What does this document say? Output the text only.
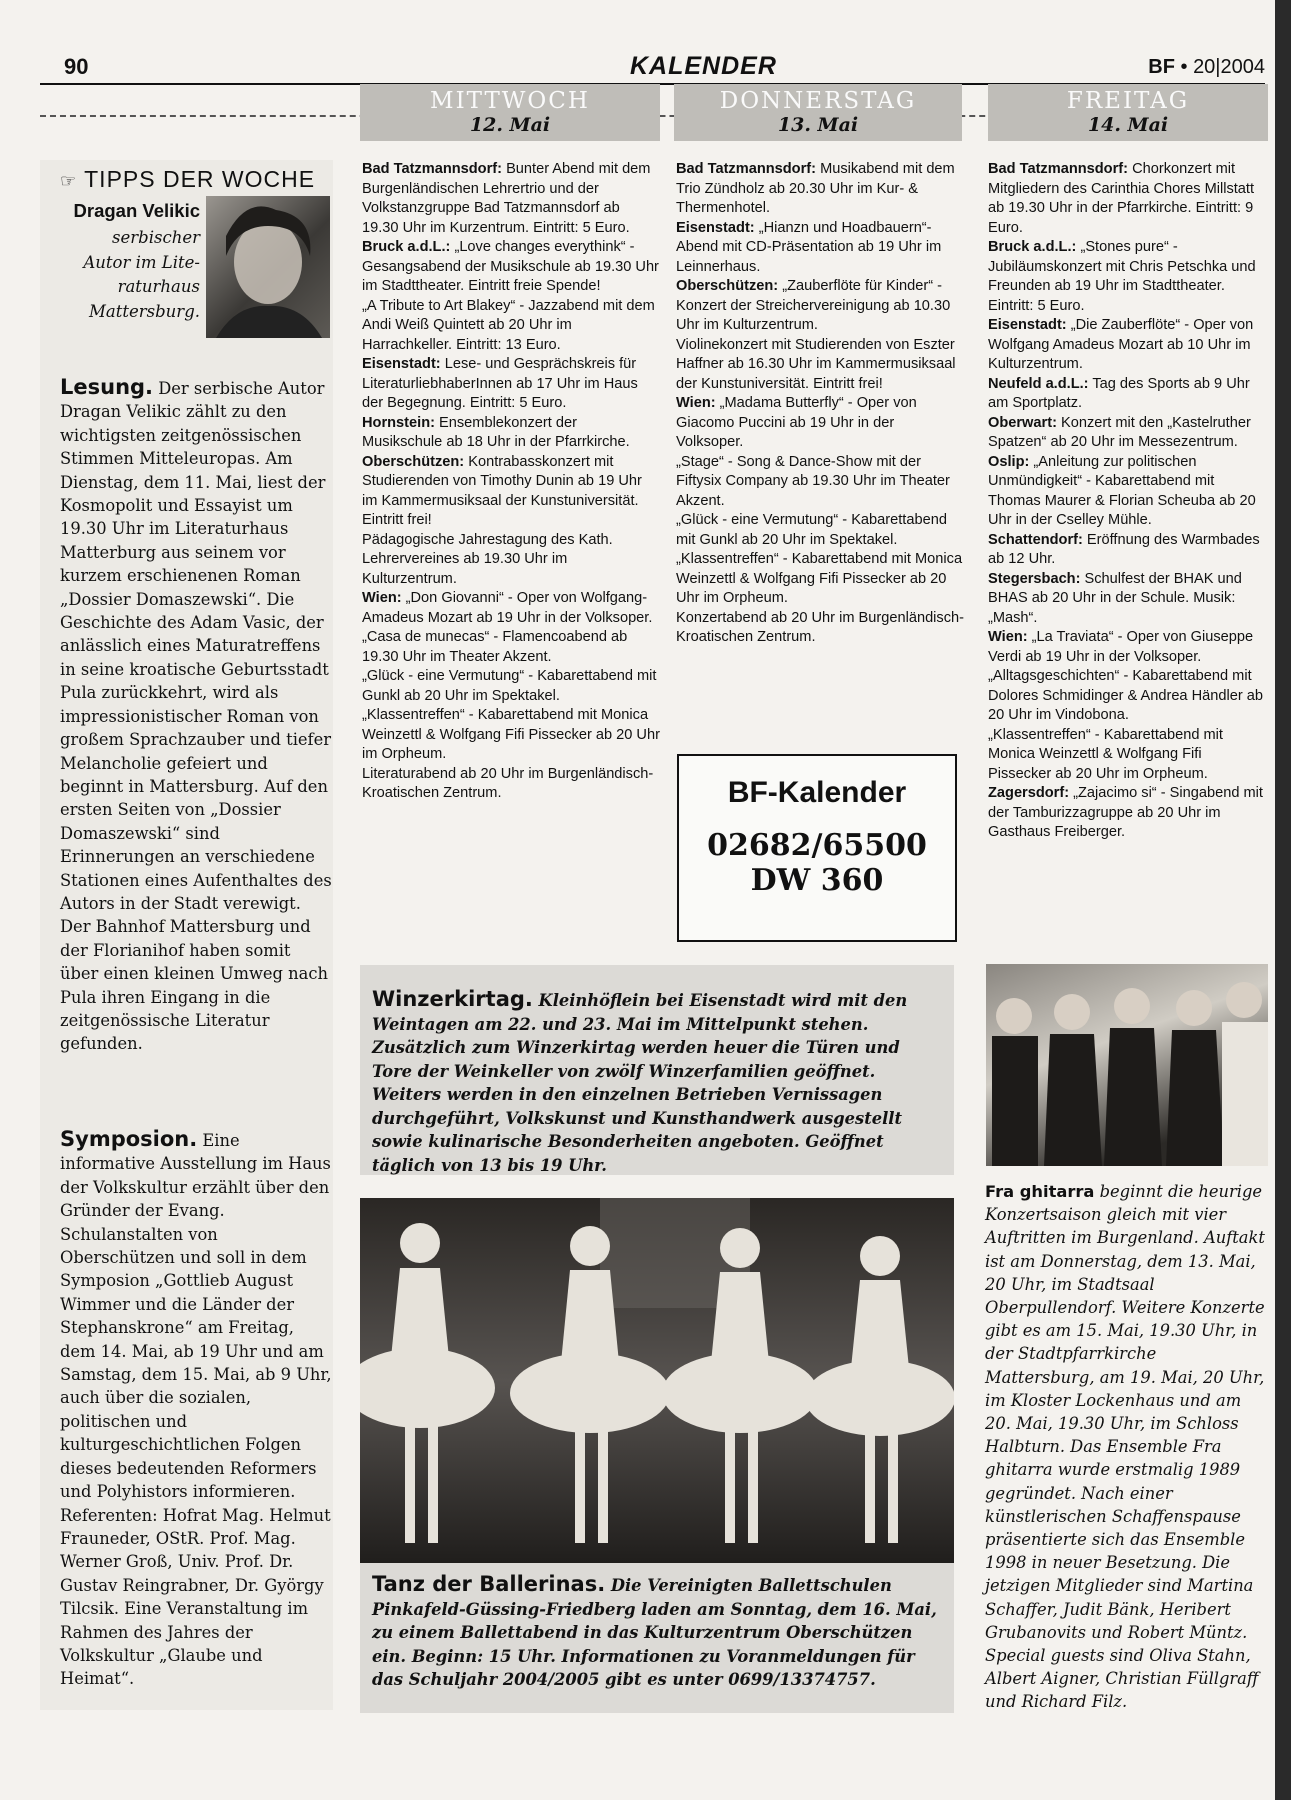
90	KALENDER	BF • 20|2004
MITTWOCH
12. Mai
DONNERSTAG
13. Mai
FREITAG
14. Mai
☞ TIPPS DER WOCHE
Dragan Velikic
serbischer Autor im Lite-raturhaus Mattersburg.

Lesung. Der serbische Autor Dragan Velikic zählt zu den wichtigsten zeitgenössischen Stimmen Mitteleuropas. Am Dienstag, dem 11. Mai, liest der Kosmopolit und Essayist um 19.30 Uhr im Literaturhaus Matterburg aus seinem vor kurzem erschienenen Roman „Dossier Domaszewski“. Die Geschichte des Adam Vasic, der anlässlich eines Maturatreffens in seine kroatische Geburtsstadt Pula zurückkehrt, wird als impressionistischer Roman von großem Sprachzauber und tiefer Melancholie gefeiert und beginnt in Mattersburg. Auf den ersten Seiten von „Dossier Domaszewski“ sind Erinnerungen an verschiedene Stationen eines Aufenthaltes des Autors in der Stadt verewigt. Der Bahnhof Mattersburg und der Florianihof haben somit über einen kleinen Umweg nach Pula ihren Eingang in die zeitgenössische Literatur gefunden.

Symposion. Eine informative Ausstellung im Haus der Volkskultur erzählt über den Gründer der Evang. Schulanstalten von Oberschützen und soll in dem Symposion „Gottlieb August Wimmer und die Länder der Stephanskrone“ am Freitag, dem 14. Mai, ab 19 Uhr und am Samstag, dem 15. Mai, ab 9 Uhr, auch über die sozialen, politischen und kulturgeschichtlichen Folgen dieses bedeutenden Reformers und Polyhistors informieren. Referenten: Hofrat Mag. Helmut Frauneder, OStR. Prof. Mag. Werner Groß, Univ. Prof. Dr. Gustav Reingrabner, Dr. György Tilcsik. Eine Veranstaltung im Rahmen des Jahres der Volkskultur „Glaube und Heimat“.

Bad Tatzmannsdorf: Bunter Abend mit dem Burgenländischen Lehrertrio und der Volkstanzgruppe Bad Tatzmannsdorf ab 19.30 Uhr im Kurzentrum. Eintritt: 5 Euro.

Bruck a.d.L.: „Love changes everythink“ - Gesangsabend der Musikschule ab 19.30 Uhr im Stadttheater. Eintritt freie Spende!

„A Tribute to Art Blakey“ - Jazzabend mit dem Andi Weiß Quintett ab 20 Uhr im Harrachkeller. Eintritt: 13 Euro.

Eisenstadt: Lese- und Gesprächskreis für LiteraturliebhaberInnen ab 17 Uhr im Haus der Begegnung. Eintritt: 5 Euro.

Hornstein: Ensemblekonzert der Musikschule ab 18 Uhr in der Pfarrkirche.

Oberschützen: Kontrabasskonzert mit Studierenden von Timothy Dunin ab 19 Uhr im Kammermusiksaal der Kunstuniversität. Eintritt frei!

Pädagogische Jahrestagung des Kath. Lehrervereines ab 19.30 Uhr im Kulturzentrum.

Wien: „Don Giovanni“ - Oper von Wolfgang-Amadeus Mozart ab 19 Uhr in der Volksoper.

„Casa de munecas“ - Flamencoabend ab 19.30 Uhr im Theater Akzent.

„Glück - eine Vermutung“ - Kabarettabend mit Gunkl ab 20 Uhr im Spektakel.

„Klassentreffen“ - Kabarettabend mit Monica Weinzettl & Wolfgang Fifi Pissecker ab 20 Uhr im Orpheum.

Literaturabend ab 20 Uhr im Burgenländisch-Kroatischen Zentrum.

Bad Tatzmannsdorf: Musikabend mit dem Trio Zündholz ab 20.30 Uhr im Kur- & Thermenhotel.

Eisenstadt: „Hianzn und Hoadbauern“-Abend mit CD-Präsentation ab 19 Uhr im Leinnerhaus.

Oberschützen: „Zauberflöte für Kinder“ - Konzert der Streichervereinigung ab 10.30 Uhr im Kulturzentrum.

Violinekonzert mit Studierenden von Eszter Haffner ab 16.30 Uhr im Kammermusiksaal der Kunstuniversität. Eintritt frei!

Wien: „Madama Butterfly“ - Oper von Giacomo Puccini ab 19 Uhr in der Volksoper.

„Stage“ - Song & Dance-Show mit der Fiftysix Company ab 19.30 Uhr im Theater Akzent.

„Glück - eine Vermutung“ - Kabarettabend mit Gunkl ab 20 Uhr im Spektakel.

„Klassentreffen“ - Kabarettabend mit Monica Weinzettl & Wolfgang Fifi Pissecker ab 20 Uhr im Orpheum.

Konzertabend ab 20 Uhr im Burgenländisch-Kroatischen Zentrum.

Bad Tatzmannsdorf: Chorkonzert mit Mitgliedern des Carinthia Chores Millstatt ab 19.30 Uhr in der Pfarrkirche. Eintritt: 9 Euro.

Bruck a.d.L.: „Stones pure“ - Jubiläumskonzert mit Chris Petschka und Freunden ab 19 Uhr im Stadttheater. Eintritt: 5 Euro.

Eisenstadt: „Die Zauberflöte“ - Oper von Wolfgang Amadeus Mozart ab 10 Uhr im Kulturzentrum.

Neufeld a.d.L.: Tag des Sports ab 9 Uhr am Sportplatz.

Oberwart: Konzert mit den „Kastelruther Spatzen“ ab 20 Uhr im Messezentrum.

Oslip: „Anleitung zur politischen Unmündigkeit“ - Kabarettabend mit Thomas Maurer & Florian Scheuba ab 20 Uhr in der Cselley Mühle.

Schattendorf: Eröffnung des Warmbades ab 12 Uhr.

Stegersbach: Schulfest der BHAK und BHAS ab 20 Uhr in der Schule. Musik: „Mash“.

Wien: „La Traviata“ - Oper von Giuseppe Verdi ab 19 Uhr in der Volksoper.

„Alltagsgeschichten“ - Kabarettabend mit Dolores Schmidinger & Andrea Händler ab 20 Uhr im Vindobona.

„Klassentreffen“ - Kabarettabend mit Monica Weinzettl & Wolfgang Fifi Pissecker ab 20 Uhr im Orpheum.

Zagersdorf: „Zajacimo si“ - Singabend mit der Tamburizzagruppe ab 20 Uhr im Gasthaus Freiberger.

BF-Kalender
02682/65500
DW 360
Winzerkirtag. Kleinhöflein bei Eisenstadt wird mit den Weintagen am 22. und 23. Mai im Mittelpunkt stehen. Zusätzlich zum Winzerkirtag werden heuer die Türen und Tore der Weinkeller von zwölf Winzerfamilien geöffnet. Weiters werden in den einzelnen Betrieben Vernissagen durchgeführt, Volkskunst und Kunsthandwerk ausgestellt sowie kulinarische Besonderheiten angeboten. Geöffnet täglich von 13 bis 19 Uhr.
Tanz der Ballerinas. Die Vereinigten Ballettschulen Pinkafeld-Güssing-Friedberg laden am Sonntag, dem 16. Mai, zu einem Ballettabend in das Kulturzentrum Oberschützen ein. Beginn: 15 Uhr. Informationen zu Voranmeldungen für das Schuljahr 2004/2005 gibt es unter 0699/13374757.
Fra ghitarra beginnt die heurige Konzertsaison gleich mit vier Auftritten im Burgenland. Auftakt ist am Donnerstag, dem 13. Mai, 20 Uhr, im Stadtsaal Oberpullendorf. Weitere Konzerte gibt es am 15. Mai, 19.30 Uhr, in der Stadtpfarrkirche Mattersburg, am 19. Mai, 20 Uhr, im Kloster Lockenhaus und am 20. Mai, 19.30 Uhr, im Schloss Halbturn. Das Ensemble Fra ghitarra wurde erstmalig 1989 gegründet. Nach einer künstlerischen Schaffenspause präsentierte sich das Ensemble 1998 in neuer Besetzung. Die jetzigen Mitglieder sind Martina Schaffer, Judit Bänk, Heribert Grubanovits und Robert Müntz. Special guests sind Oliva Stahn, Albert Aigner, Christian Füllgraff und Richard Filz.
